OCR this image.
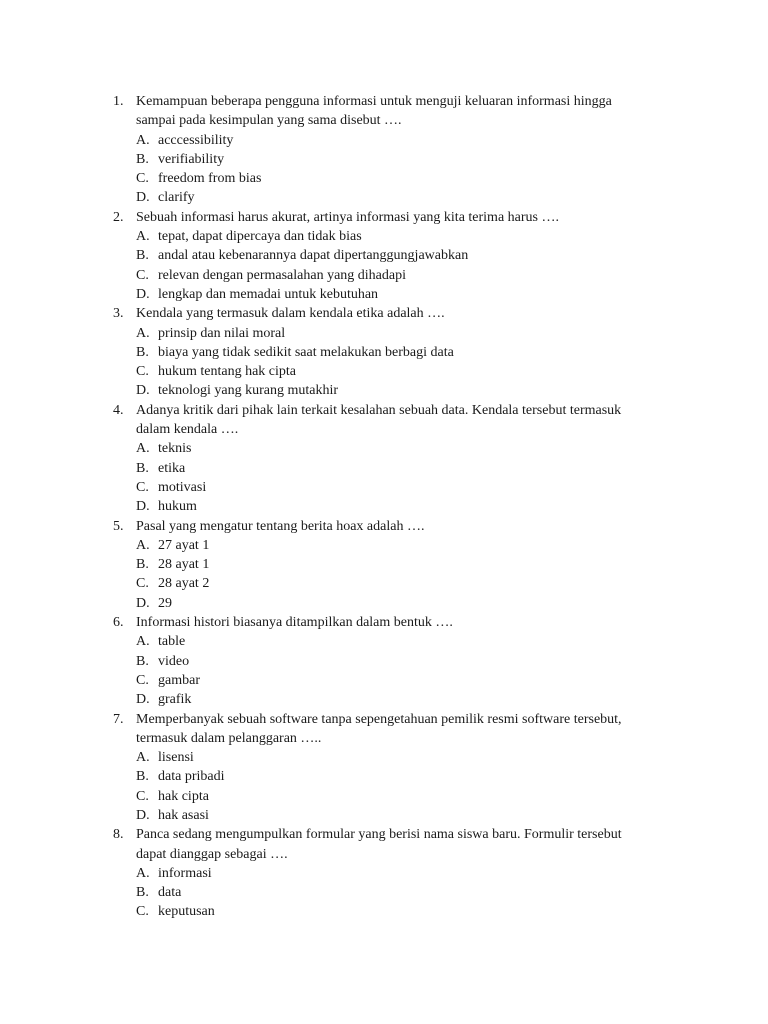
1. Kemampuan beberapa pengguna informasi untuk menguji keluaran informasi hingga
sampai pada kesimpulan yang sama disebut ….
A. acccessibility
B. verifiability
C. freedom from bias
D. clarify
2. Sebuah informasi harus akurat, artinya informasi yang kita terima harus ….
A. tepat, dapat dipercaya dan tidak bias
B. andal atau kebenarannya dapat dipertanggungjawabkan
C. relevan dengan permasalahan yang dihadapi
D. lengkap dan memadai untuk kebutuhan
3. Kendala yang termasuk dalam kendala etika adalah ….
A. prinsip dan nilai moral
B. biaya yang tidak sedikit saat melakukan berbagi data
C. hukum tentang hak cipta
D. teknologi yang kurang mutakhir
4. Adanya kritik dari pihak lain terkait kesalahan sebuah data. Kendala tersebut termasuk
dalam kendala ….
A. teknis
B. etika
C. motivasi
D. hukum
5. Pasal yang mengatur tentang berita hoax adalah ….
A. 27 ayat 1
B. 28 ayat 1
C. 28 ayat 2
D. 29
6. Informasi histori biasanya ditampilkan dalam bentuk ….
A. table
B. video
C. gambar
D. grafik
7. Memperbanyak sebuah software tanpa sepengetahuan pemilik resmi software tersebut,
termasuk dalam pelanggaran …..
A. lisensi
B. data pribadi
C. hak cipta
D. hak asasi
8. Panca sedang mengumpulkan formular yang berisi nama siswa baru. Formulir tersebut
dapat dianggap sebagai ….
A. informasi
B. data
C. keputusan
